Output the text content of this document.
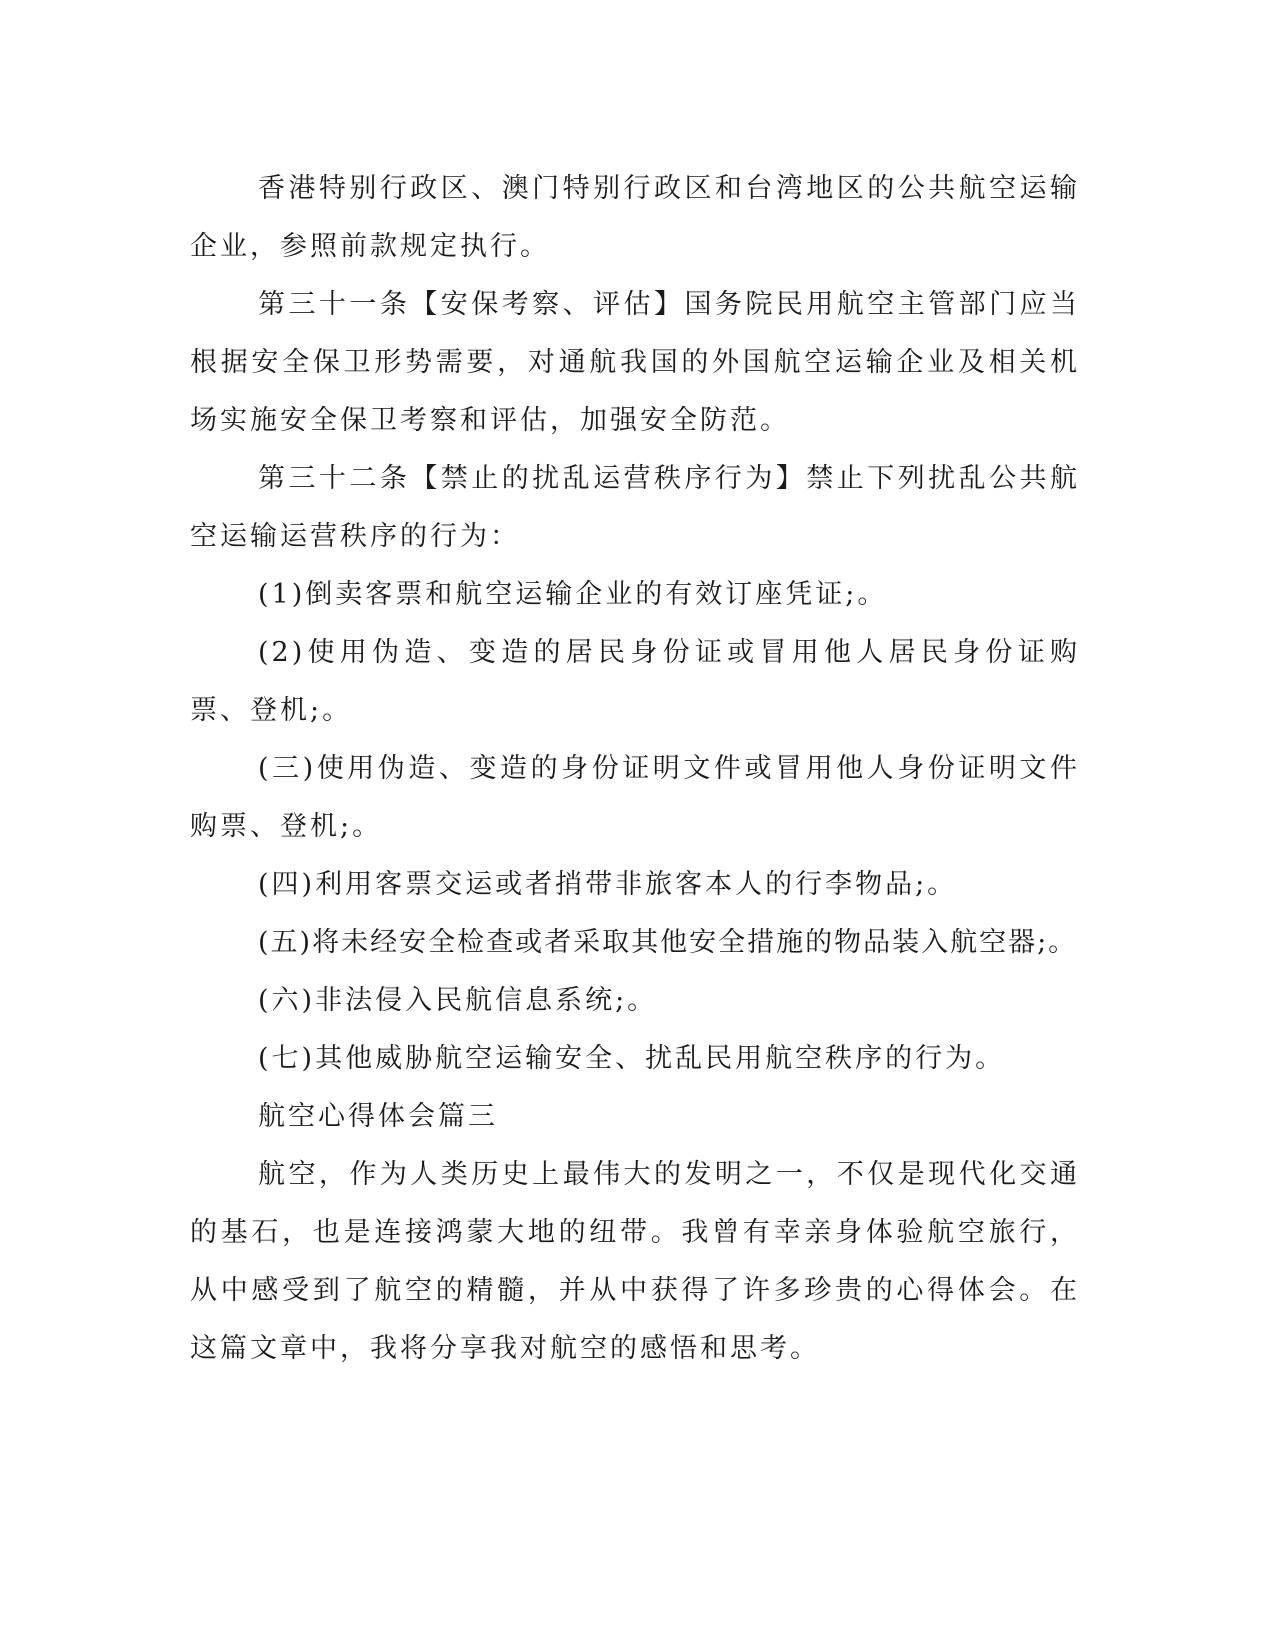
香港特别行政区、澳门特别行政区和台湾地区的公共航空运输企业，参照前款规定执行。

第三十一条【安保考察、评估】国务院民用航空主管部门应当根据安全保卫形势需要，对通航我国的外国航空运输企业及相关机场实施安全保卫考察和评估，加强安全防范。

第三十二条【禁止的扰乱运营秩序行为】禁止下列扰乱公共航空运输运营秩序的行为：

(1)倒卖客票和航空运输企业的有效订座凭证;。

(2)使用伪造、变造的居民身份证或冒用他人居民身份证购票、登机;。

(三)使用伪造、变造的身份证明文件或冒用他人身份证明文件购票、登机;。

(四)利用客票交运或者捎带非旅客本人的行李物品;。

(五)将未经安全检查或者采取其他安全措施的物品装入航空器;。

(六)非法侵入民航信息系统;。

(七)其他威胁航空运输安全、扰乱民用航空秩序的行为。

航空心得体会篇三

航空，作为人类历史上最伟大的发明之一，不仅是现代化交通的基石，也是连接鸿蒙大地的纽带。我曾有幸亲身体验航空旅行，从中感受到了航空的精髓，并从中获得了许多珍贵的心得体会。在这篇文章中，我将分享我对航空的感悟和思考。
